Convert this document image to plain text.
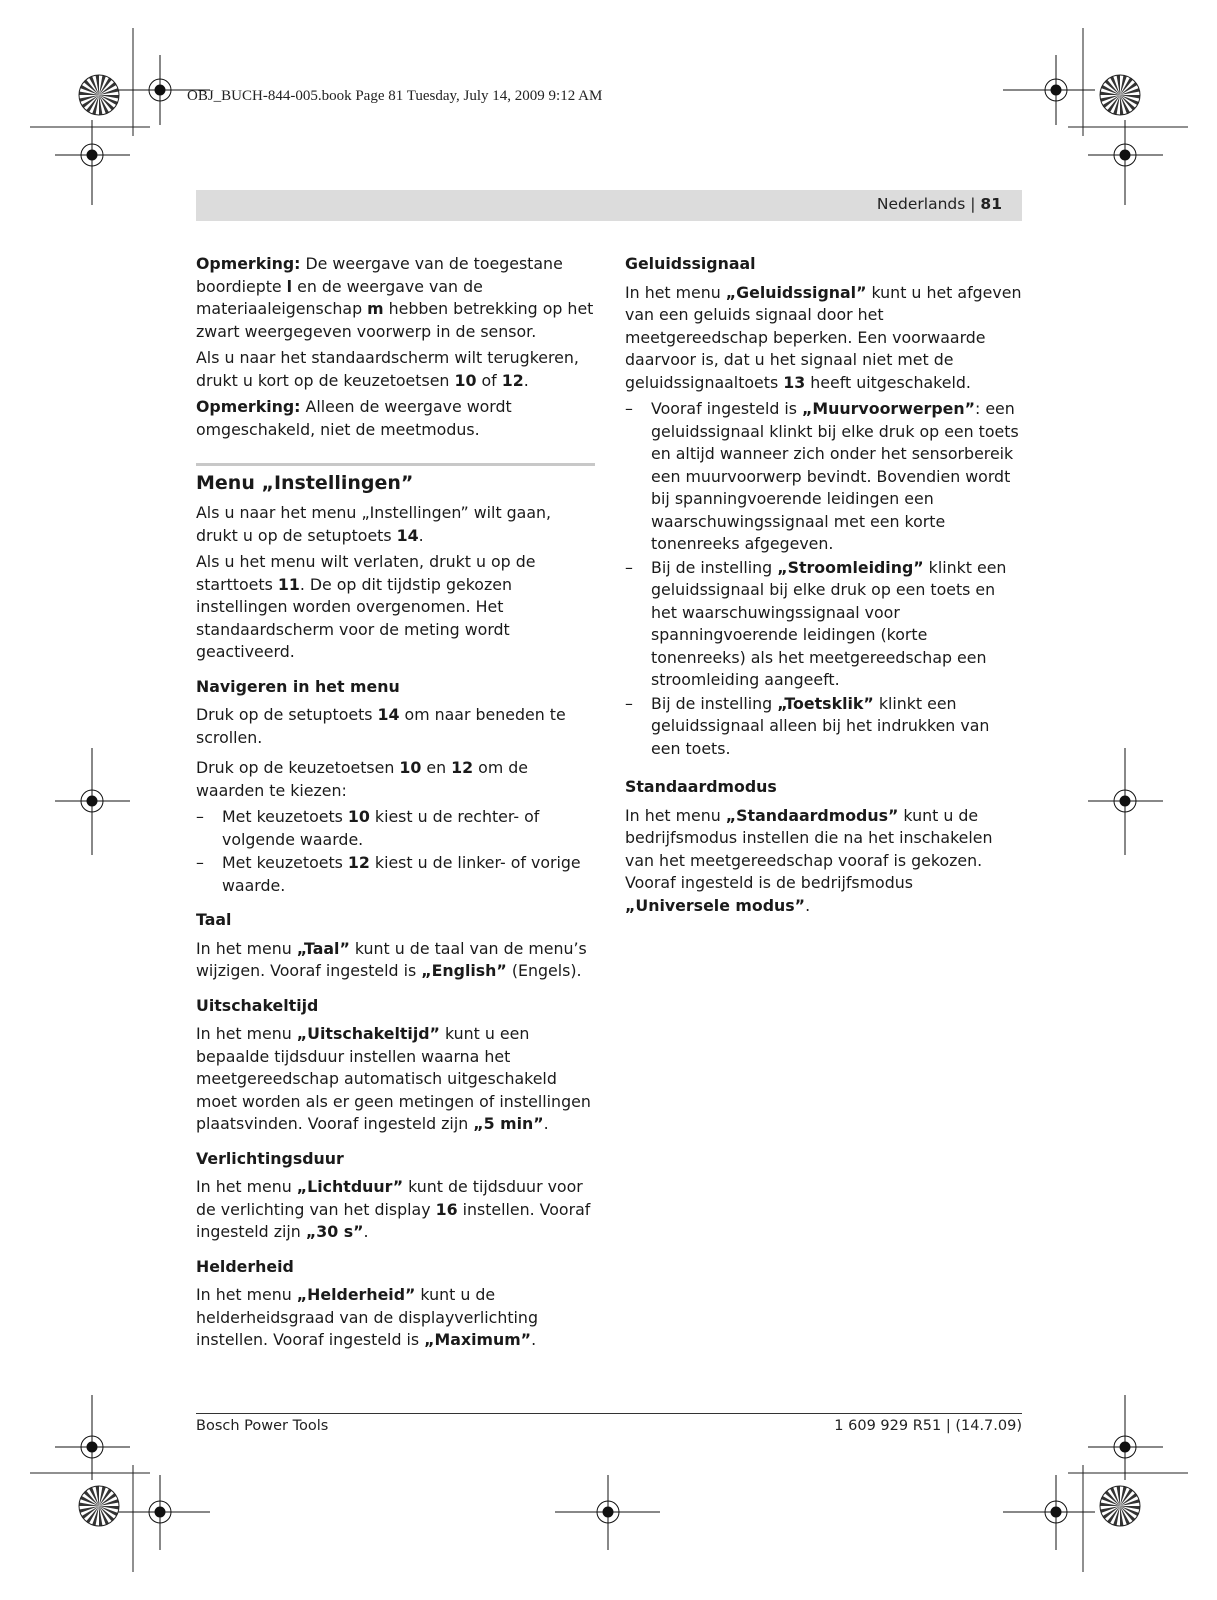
OBJ_BUCH-844-005.book Page 81 Tuesday, July 14, 2009 9:12 AM
Nederlands | 81

Opmerking: De weergave van de toegestane boordiepte l en de weergave van de materiaaleigenschap m hebben betrekking op het zwart weergegeven voorwerp in de sensor.

Als u naar het standaardscherm wilt terugkeren, drukt u kort op de keuzetoetsen 10 of 12.

Opmerking: Alleen de weergave wordt omgeschakeld, niet de meetmodus.

Menu „Instellingen”

Als u naar het menu „Instellingen” wilt gaan, drukt u op de setuptoets 14.

Als u het menu wilt verlaten, drukt u op de starttoets 11. De op dit tijdstip gekozen instellingen worden overgenomen. Het standaardscherm voor de meting wordt geactiveerd.

Navigeren in het menu

Druk op de setuptoets 14 om naar beneden te scrollen.

Druk op de keuzetoetsen 10 en 12 om de waarden te kiezen:

– Met keuzetoets 10 kiest u de rechter- of volgende waarde.
– Met keuzetoets 12 kiest u de linker- of vorige waarde.
Taal

In het menu „Taal” kunt u de taal van de menu’s wijzigen. Vooraf ingesteld is „English” (Engels).

Uitschakeltijd

In het menu „Uitschakeltijd” kunt u een bepaalde tijdsduur instellen waarna het meetgereedschap automatisch uitgeschakeld moet worden als er geen metingen of instellingen plaatsvinden. Vooraf ingesteld zijn „5 min”.

Verlichtingsduur

In het menu „Lichtduur” kunt de tijdsduur voor de verlichting van het display 16 instellen. Vooraf ingesteld zijn „30 s”.

Helderheid

In het menu „Helderheid” kunt u de helderheidsgraad van de displayverlichting instellen. Vooraf ingesteld is „Maximum”.

Geluidssignaal

In het menu „Geluidssignal” kunt u het afgeven van een geluids signaal door het meetgereedschap beperken. Een voorwaarde daarvoor is, dat u het signaal niet met de geluidssignaaltoets 13 heeft uitgeschakeld.

– Vooraf ingesteld is „Muurvoorwerpen”: een geluidssignaal klinkt bij elke druk op een toets en altijd wanneer zich onder het sensorbereik een muurvoorwerp bevindt. Bovendien wordt bij spanningvoerende leidingen een waarschuwingssignaal met een korte tonenreeks afgegeven.
– Bij de instelling „Stroomleiding” klinkt een geluidssignaal bij elke druk op een toets en het waarschuwingssignaal voor spanningvoerende leidingen (korte tonenreeks) als het meetgereedschap een stroomleiding aangeeft.
– Bij de instelling „Toetsklik” klinkt een geluidssignaal alleen bij het indrukken van een toets.
Standaardmodus

In het menu „Standaardmodus” kunt u de bedrijfsmodus instellen die na het inschakelen van het meetgereedschap vooraf is gekozen. Vooraf ingesteld is de bedrijfsmodus „Universele modus”.

Bosch Power Tools	1 609 929 R51 | (14.7.09)
